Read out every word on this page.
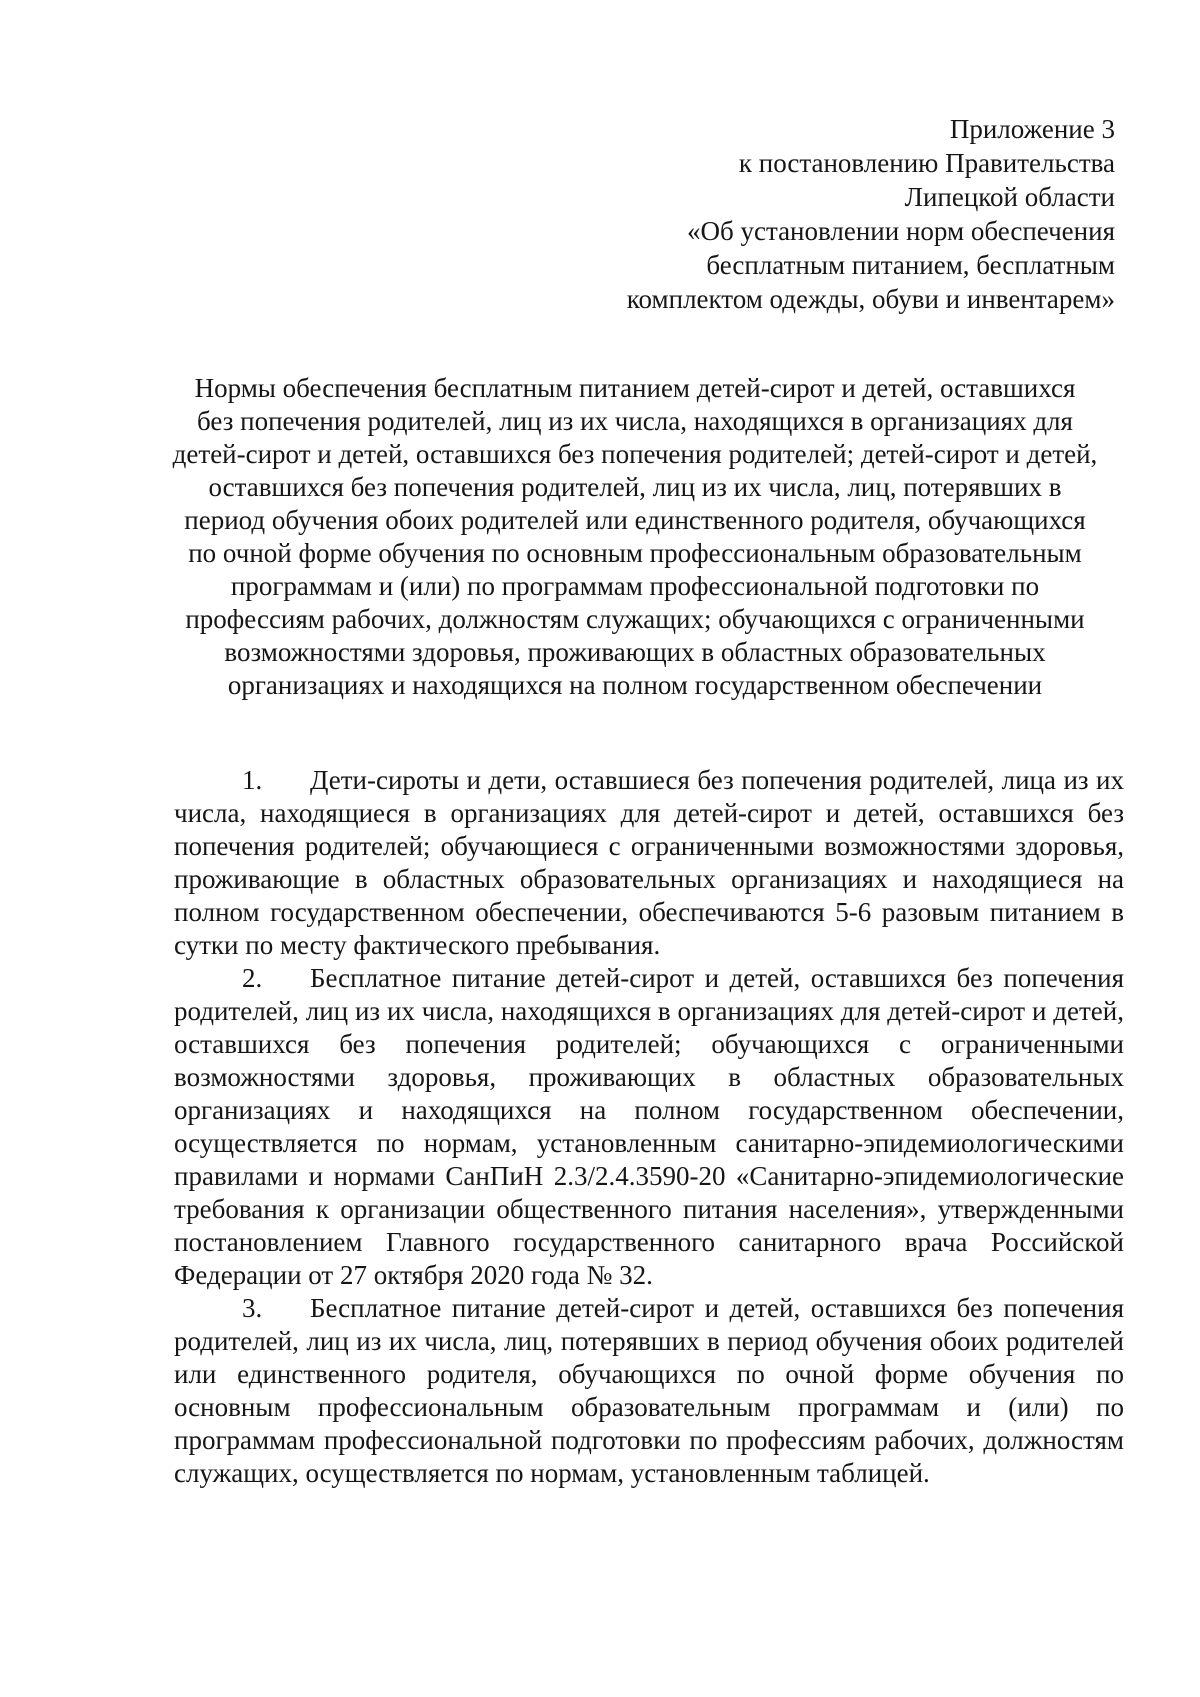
Приложение 3
к постановлению Правительства
Липецкой области
«Об установлении норм обеспечения
бесплатным питанием, бесплатным
комплектом одежды, обуви и инвентарем»
Нормы обеспечения бесплатным питанием детей-сирот и детей, оставшихся
без попечения родителей, лиц из их числа, находящихся в организациях для
детей-сирот и детей, оставшихся без попечения родителей; детей-сирот и детей,
оставшихся без попечения родителей, лиц из их числа, лиц, потерявших в
период обучения обоих родителей или единственного родителя, обучающихся
по очной форме обучения по основным профессиональным образовательным
программам и (или) по программам профессиональной подготовки по
профессиям рабочих, должностям служащих; обучающихся с ограниченными
возможностями здоровья, проживающих в областных образовательных
организациях и находящихся на полном государственном обеспечении

1. Дети-сироты и дети, оставшиеся без попечения родителей, лица из их числа, находящиеся в организациях для детей-сирот и детей, оставшихся без попечения родителей; обучающиеся с ограниченными возможностями здоровья, проживающие в областных образовательных организациях и находящиеся на полном государственном обеспечении, обеспечиваются 5-6 разовым питанием в сутки по месту фактического пребывания.

2. Бесплатное питание детей-сирот и детей, оставшихся без попечения родителей, лиц из их числа, находящихся в организациях для детей-сирот и детей, оставшихся без попечения родителей; обучающихся с ограниченными возможностями здоровья, проживающих в областных образовательных организациях и находящихся на полном государственном обеспечении, осуществляется по нормам, установленным санитарно-эпидемиологическими правилами и нормами СанПиН 2.3/2.4.3590-20 «Санитарно-эпидемиологические требования к организации общественного питания населения», утвержденными постановлением Главного государственного санитарного врача Российской Федерации от 27 октября 2020 года № 32.

3. Бесплатное питание детей-сирот и детей, оставшихся без попечения родителей, лиц из их числа, лиц, потерявших в период обучения обоих родителей или единственного родителя, обучающихся по очной форме обучения по основным профессиональным образовательным программам и (или) по программам профессиональной подготовки по профессиям рабочих, должностям служащих, осуществляется по нормам, установленным таблицей.
